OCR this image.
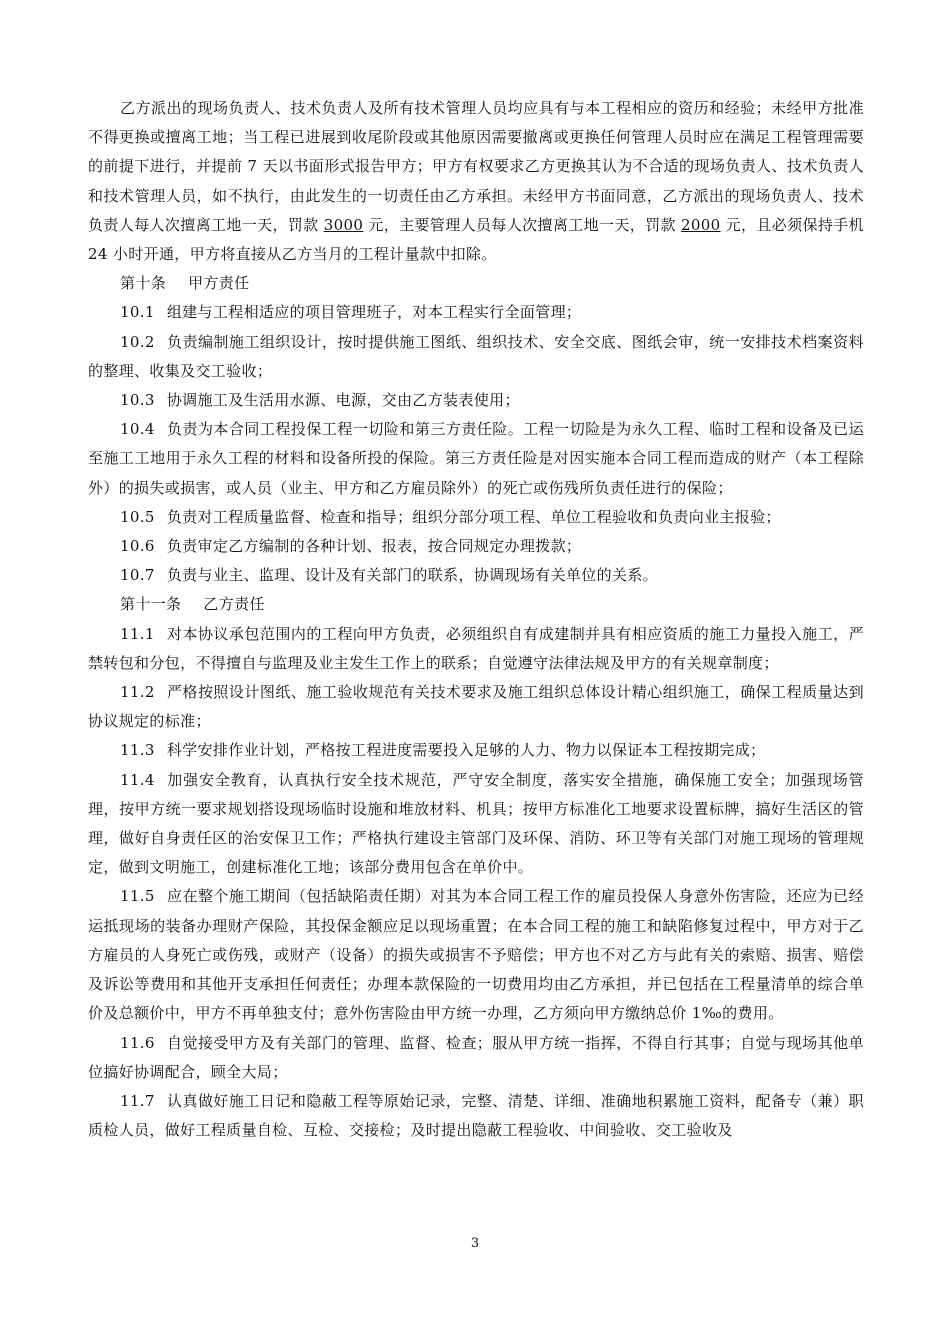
乙方派出的现场负责人、技术负责人及所有技术管理人员均应具有与本工程相应的资历和经验；未经甲方批准不得更换或擅离工地；当工程已进展到收尾阶段或其他原因需要撤离或更换任何管理人员时应在满足工程管理需要的前提下进行，并提前 7 天以书面形式报告甲方；甲方有权要求乙方更换其认为不合适的现场负责人、技术负责人和技术管理人员，如不执行，由此发生的一切责任由乙方承担。未经甲方书面同意，乙方派出的现场负责人、技术负责人每人次擅离工地一天，罚款 3000 元，主要管理人员每人次擅离工地一天，罚款 2000 元，且必须保持手机 24 小时开通，甲方将直接从乙方当月的工程计量款中扣除。

第十条 甲方责任

10.1 组建与工程相适应的项目管理班子，对本工程实行全面管理；

10.2 负责编制施工组织设计，按时提供施工图纸、组织技术、安全交底、图纸会审，统一安排技术档案资料的整理、收集及交工验收；

10.3 协调施工及生活用水源、电源，交由乙方装表使用；

10.4 负责为本合同工程投保工程一切险和第三方责任险。工程一切险是为永久工程、临时工程和设备及已运至施工工地用于永久工程的材料和设备所投的保险。第三方责任险是对因实施本合同工程而造成的财产（本工程除外）的损失或损害，或人员（业主、甲方和乙方雇员除外）的死亡或伤残所负责任进行的保险；

10.5 负责对工程质量监督、检查和指导；组织分部分项工程、单位工程验收和负责向业主报验；

10.6 负责审定乙方编制的各种计划、报表，按合同规定办理拨款；

10.7 负责与业主、监理、设计及有关部门的联系，协调现场有关单位的关系。

第十一条 乙方责任

11.1 对本协议承包范围内的工程向甲方负责，必须组织自有成建制并具有相应资质的施工力量投入施工，严禁转包和分包，不得擅自与监理及业主发生工作上的联系；自觉遵守法律法规及甲方的有关规章制度；

11.2 严格按照设计图纸、施工验收规范有关技术要求及施工组织总体设计精心组织施工，确保工程质量达到协议规定的标准；

11.3 科学安排作业计划，严格按工程进度需要投入足够的人力、物力以保证本工程按期完成；

11.4 加强安全教育，认真执行安全技术规范，严守安全制度，落实安全措施，确保施工安全；加强现场管理，按甲方统一要求规划搭设现场临时设施和堆放材料、机具；按甲方标准化工地要求设置标牌，搞好生活区的管理，做好自身责任区的治安保卫工作；严格执行建设主管部门及环保、消防、环卫等有关部门对施工现场的管理规定，做到文明施工，创建标准化工地；该部分费用包含在单价中。

11.5 应在整个施工期间（包括缺陷责任期）对其为本合同工程工作的雇员投保人身意外伤害险，还应为已经运抵现场的装备办理财产保险，其投保金额应足以现场重置；在本合同工程的施工和缺陷修复过程中，甲方对于乙方雇员的人身死亡或伤残，或财产（设备）的损失或损害不予赔偿；甲方也不对乙方与此有关的索赔、损害、赔偿及诉讼等费用和其他开支承担任何责任；办理本款保险的一切费用均由乙方承担，并已包括在工程量清单的综合单价及总额价中，甲方不再单独支付；意外伤害险由甲方统一办理，乙方须向甲方缴纳总价 1‰的费用。

11.6 自觉接受甲方及有关部门的管理、监督、检查；服从甲方统一指挥，不得自行其事；自觉与现场其他单位搞好协调配合，顾全大局；

11.7 认真做好施工日记和隐蔽工程等原始记录，完整、清楚、详细、准确地积累施工资料，配备专（兼）职质检人员，做好工程质量自检、互检、交接检；及时提出隐蔽工程验收、中间验收、交工验收及

3
